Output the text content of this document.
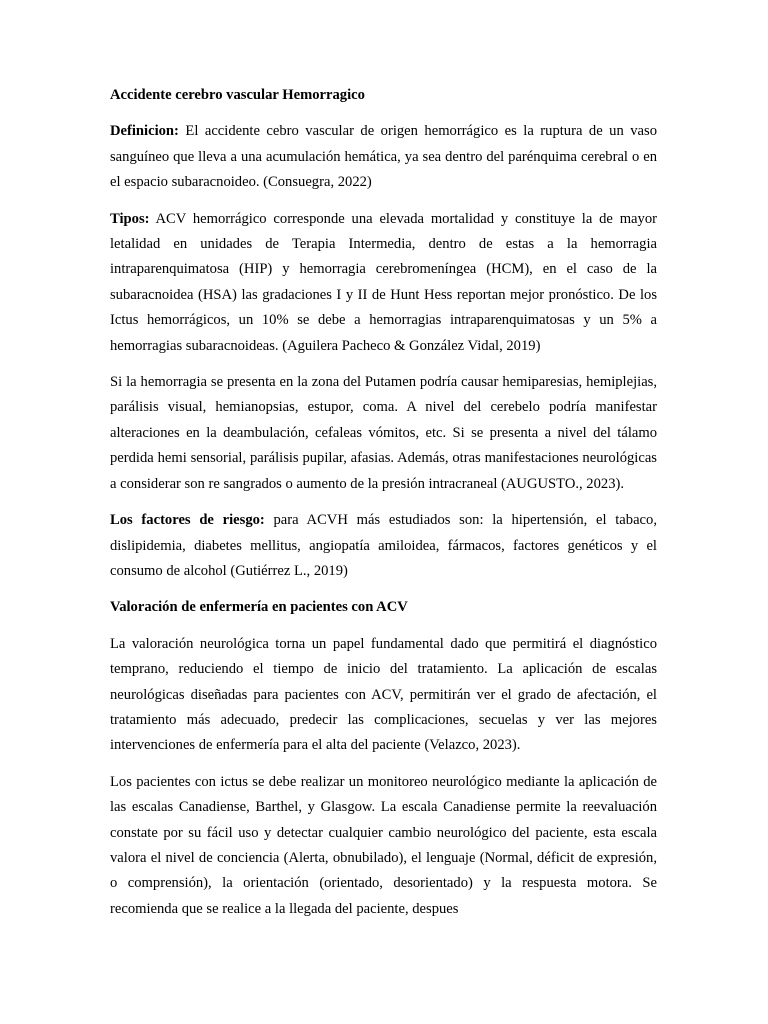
Accidente cerebro vascular Hemorragico

Definicion: El accidente cebro vascular de origen hemorrágico es la ruptura de un vaso sanguíneo que lleva a una acumulación hemática, ya sea dentro del parénquima cerebral o en el espacio subaracnoideo. (Consuegra, 2022)

Tipos: ACV hemorrágico corresponde una elevada mortalidad y constituye la de mayor letalidad en unidades de Terapia Intermedia, dentro de estas a la hemorragia intraparenquimatosa (HIP) y hemorragia cerebromeníngea (HCM), en el caso de la subaracnoidea (HSA) las gradaciones I y II de Hunt Hess reportan mejor pronóstico. De los Ictus hemorrágicos, un 10% se debe a hemorragias intraparenquimatosas y un 5% a hemorragias subaracnoideas. (Aguilera Pacheco & González Vidal, 2019)

Si la hemorragia se presenta en la zona del Putamen podría causar hemiparesias, hemiplejias, parálisis visual, hemianopsias, estupor, coma. A nivel del cerebelo podría manifestar alteraciones en la deambulación, cefaleas vómitos, etc. Si se presenta a nivel del tálamo perdida hemi sensorial, parálisis pupilar, afasias. Además, otras manifestaciones neurológicas a considerar son re sangrados o aumento de la presión intracraneal (AUGUSTO., 2023).

Los factores de riesgo: para ACVH más estudiados son: la hipertensión, el tabaco, dislipidemia, diabetes mellitus, angiopatía amiloidea, fármacos, factores genéticos y el consumo de alcohol (Gutiérrez L., 2019)

Valoración de enfermería en pacientes con ACV

La valoración neurológica torna un papel fundamental dado que permitirá el diagnóstico temprano, reduciendo el tiempo de inicio del tratamiento. La aplicación de escalas neurológicas diseñadas para pacientes con ACV, permitirán ver el grado de afectación, el tratamiento más adecuado, predecir las complicaciones, secuelas y ver las mejores intervenciones de enfermería para el alta del paciente (Velazco, 2023).

Los pacientes con ictus se debe realizar un monitoreo neurológico mediante la aplicación de las escalas Canadiense, Barthel, y Glasgow. La escala Canadiense permite la reevaluación constate por su fácil uso y detectar cualquier cambio neurológico del paciente, esta escala valora el nivel de conciencia (Alerta, obnubilado), el lenguaje (Normal, déficit de expresión, o comprensión), la orientación (orientado, desorientado) y la respuesta motora. Se recomienda que se realice a la llegada del paciente, despues
